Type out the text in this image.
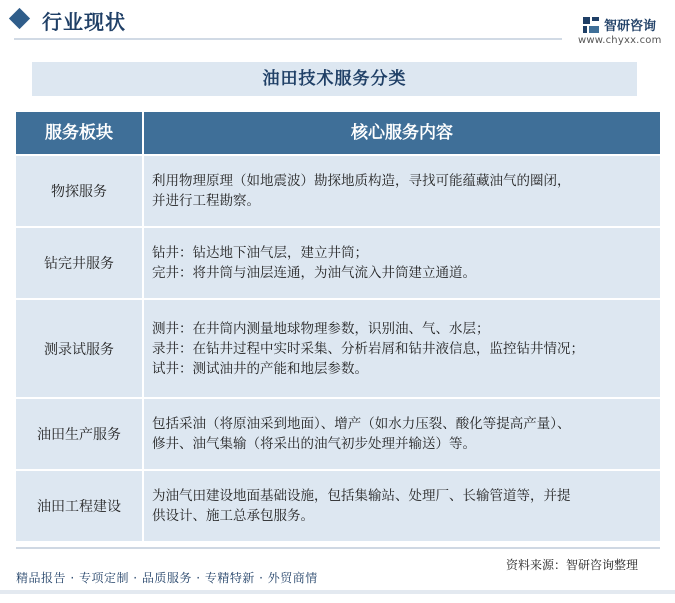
行业现状	智研咨询
www.chyxx.com
油田技术服务分类
服务板块	核心服务内容
物探服务
利用物理原理（如地震波）勘探地质构造，寻找可能蕴藏油气的圈闭，
并进行工程勘察。
钻完井服务
钻井：钻达地下油气层，建立井筒；
完井：将井筒与油层连通，为油气流入井筒建立通道。
测录试服务
测井：在井筒内测量地球物理参数，识别油、气、水层；
录井：在钻井过程中实时采集、分析岩屑和钻井液信息，监控钻井情况；
试井：测试油井的产能和地层参数。
油田生产服务
包括采油（将原油采到地面）、增产（如水力压裂、酸化等提高产量）、
修井、油气集输（将采出的油气初步处理并输送）等。
油田工程建设
为油气田建设地面基础设施，包括集输站、处理厂、长输管道等，并提
供设计、施工总承包服务。
资料来源：智研咨询整理
精品报告 · 专项定制 · 品质服务 · 专精特新 · 外贸商情
